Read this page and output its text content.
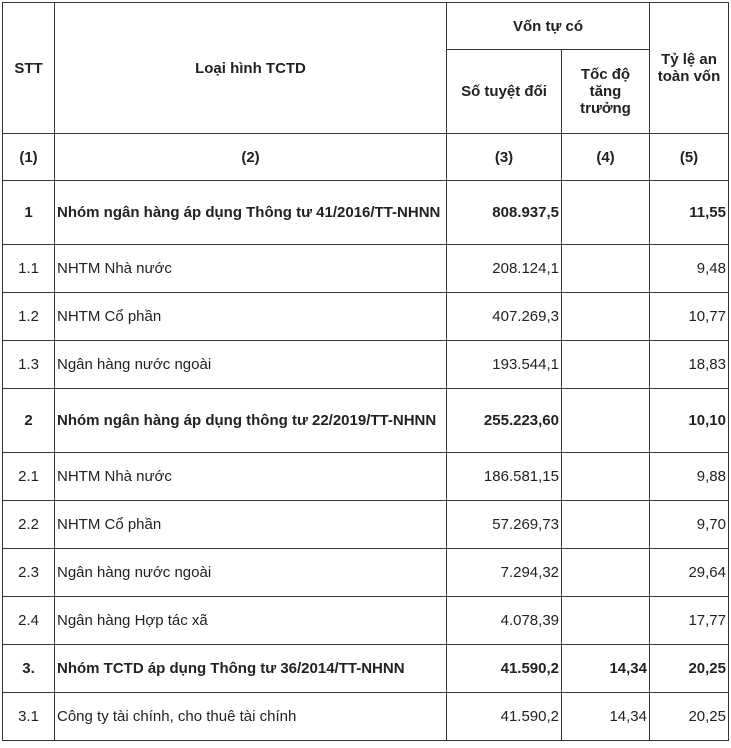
STT	Loại hình TCTD	Vốn tự có		Tỷ lệ an toàn vốn
		Số tuyệt đối	Tốc độ tăng trưởng	
(1)	(2)	(3)	(4)	(5)
1	Nhóm ngân hàng áp dụng Thông tư 41/2016/TT-NHNN	808.937,5		11,55
1.1	NHTM Nhà nước	208.124,1		9,48
1.2	NHTM Cổ phần	407.269,3		10,77
1.3	Ngân hàng nước ngoài	193.544,1		18,83
2	Nhóm ngân hàng áp dụng thông tư 22/2019/TT-NHNN	255.223,60		10,10
2.1	NHTM Nhà nước	186.581,15		9,88
2.2	NHTM Cổ phần	57.269,73		9,70
2.3	Ngân hàng nước ngoài	7.294,32		29,64
2.4	Ngân hàng Hợp tác xã	4.078,39		17,77
3.	Nhóm TCTD áp dụng Thông tư 36/2014/TT-NHNN	41.590,2	14,34	20,25
3.1	Công ty tài chính, cho thuê tài chính	41.590,2	14,34	20,25
